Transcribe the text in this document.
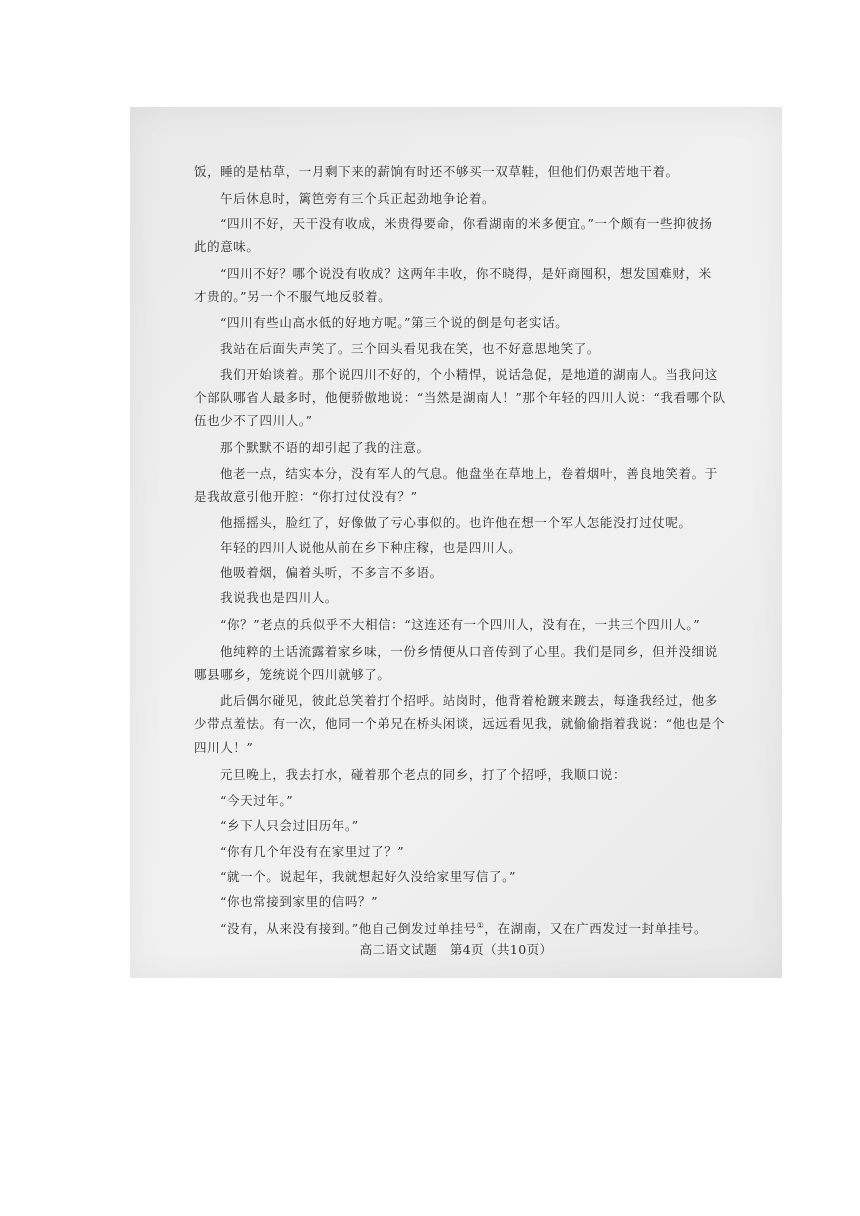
饭，睡的是枯草，一月剩下来的薪饷有时还不够买一双草鞋，但他们仍艰苦地干着。
午后休息时，篱笆旁有三个兵正起劲地争论着。
“四川不好，天干没有收成，米贵得要命，你看湖南的米多便宜。”一个颇有一些抑彼扬
此的意味。
“四川不好？哪个说没有收成？这两年丰收，你不晓得，是奸商囤积，想发国难财，米
才贵的。”另一个不服气地反驳着。
“四川有些山高水低的好地方呢。”第三个说的倒是句老实话。
我站在后面失声笑了。三个回头看见我在笑，也不好意思地笑了。
我们开始谈着。那个说四川不好的，个小精悍，说话急促，是地道的湖南人。当我问这
个部队哪省人最多时，他便骄傲地说：“当然是湖南人！”那个年轻的四川人说：“我看哪个队
伍也少不了四川人。”
那个默默不语的却引起了我的注意。
他老一点，结实本分，没有军人的气息。他盘坐在草地上，卷着烟叶，善良地笑着。于
是我故意引他开腔：“你打过仗没有？”
他摇摇头，脸红了，好像做了亏心事似的。也许他在想一个军人怎能没打过仗呢。
年轻的四川人说他从前在乡下种庄稼，也是四川人。
他吸着烟，偏着头听，不多言不多语。
我说我也是四川人。
“你？”老点的兵似乎不大相信：“这连还有一个四川人，没有在，一共三个四川人。”
他纯粹的土话流露着家乡味，一份乡情便从口音传到了心里。我们是同乡，但并没细说
哪县哪乡，笼统说个四川就够了。
此后偶尔碰见，彼此总笑着打个招呼。站岗时，他背着枪踱来踱去，每逢我经过，他多
少带点羞怯。有一次，他同一个弟兄在桥头闲谈，远远看见我，就偷偷指着我说：“他也是个
四川人！”
元旦晚上，我去打水，碰着那个老点的同乡，打了个招呼，我顺口说：
“今天过年。”
“乡下人只会过旧历年。”
“你有几个年没有在家里过了？”
“就一个。说起年，我就想起好久没给家里写信了。”
“你也常接到家里的信吗？”
“没有，从来没有接到。”他自己倒发过单挂号①，在湖南，又在广西发过一封单挂号。
高二语文试题　第4页（共10页）
